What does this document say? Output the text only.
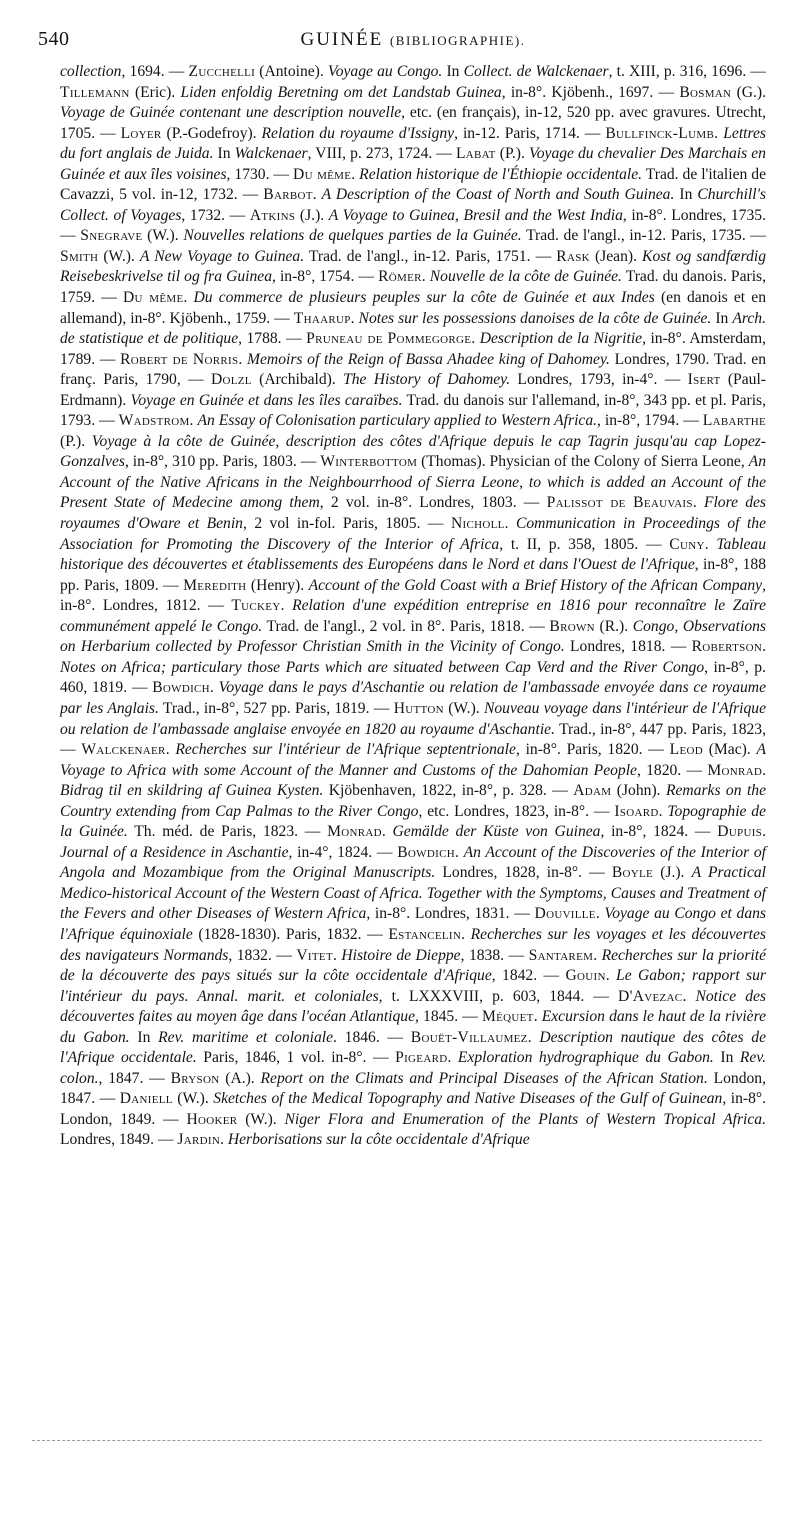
540	GUINÉE (BIBLIOGRAPHIE).

collection, 1694. — Zucchelli (Antoine). Voyage au Congo. In Collect. de Walckenaer, t. XIII, p. 316, 1696. — Tillemann (Eric). Liden enfoldig Beretning om det Landstab Guinea, in-8°. Kjöbenh., 1697. — Bosman (G.). Voyage de Guinée contenant une description nouvelle, etc. (en français), in-12, 520 pp. avec gravures. Utrecht, 1705. — Loyer (P.-Godefroy). Relation du royaume d'Issigny, in-12. Paris, 1714. — Bullfinck-Lumb. Lettres du fort anglais de Juida. In Walckenaer, VIII, p. 273, 1724. — Labat (P.). Voyage du chevalier Des Marchais en Guinée et aux îles voisines, 1730. — Du même. Relation historique de l'Éthiopie occidentale. Trad. de l'italien de Cavazzi, 5 vol. in-12, 1732. — Barbot. A Description of the Coast of North and South Guinea. In Churchill's Collect. of Voyages, 1732. — Atkins (J.). A Voyage to Guinea, Bresil and the West India, in-8°. Londres, 1735. — Snegrave (W.). Nouvelles relations de quelques parties de la Guinée. Trad. de l'angl., in-12. Paris, 1735. — Smith (W.). A New Voyage to Guinea. Trad. de l'angl., in-12. Paris, 1751. — Rask (Jean). Kost og sandfærdig Reisebeskrivelse til og fra Guinea, in-8°, 1754. — Römer. Nouvelle de la côte de Guinée. Trad. du danois. Paris, 1759. — Du même. Du commerce de plusieurs peuples sur la côte de Guinée et aux Indes (en danois et en allemand), in-8°. Kjöbenh., 1759. — Thaarup. Notes sur les possessions danoises de la côte de Guinée. In Arch. de statistique et de politique, 1788. — Pruneau de Pommegorge. Description de la Nigritie, in-8°. Amsterdam, 1789. — Robert de Norris. Memoirs of the Reign of Bassa Ahadee king of Dahomey. Londres, 1790. Trad. en franç. Paris, 1790, — Dolzl (Archibald). The History of Dahomey. Londres, 1793, in-4°. — Isert (Paul-Erdmann). Voyage en Guinée et dans les îles caraïbes. Trad. du danois sur l'allemand, in-8°, 343 pp. et pl. Paris, 1793. — Wadstrom. An Essay of Colonisation particulary applied to Western Africa., in-8°, 1794. — Labarthe (P.). Voyage à la côte de Guinée, description des côtes d'Afrique depuis le cap Tagrin jusqu'au cap Lopez-Gonzalves, in-8°, 310 pp. Paris, 1803. — Winterbottom (Thomas). Physician of the Colony of Sierra Leone, An Account of the Native Africans in the Neighbourrhood of Sierra Leone, to which is added an Account of the Present State of Medecine among them, 2 vol. in-8°. Londres, 1803. — Palissot de Beauvais. Flore des royaumes d'Oware et Benin, 2 vol in-fol. Paris, 1805. — Nicholl. Communication in Proceedings of the Association for Promoting the Discovery of the Interior of Africa, t. II, p. 358, 1805. — Cuny. Tableau historique des découvertes et établissements des Européens dans le Nord et dans l'Ouest de l'Afrique, in-8°, 188 pp. Paris, 1809. — Meredith (Henry). Account of the Gold Coast with a Brief History of the African Company, in-8°. Londres, 1812. — Tuckey. Relation d'une expédition entreprise en 1816 pour reconnaître le Zaïre communément appelé le Congo. Trad. de l'angl., 2 vol. in 8°. Paris, 1818. — Brown (R.). Congo, Observations on Herbarium collected by Professor Christian Smith in the Vicinity of Congo. Londres, 1818. — Robertson. Notes on Africa; particulary those Parts which are situated between Cap Verd and the River Congo, in-8°, p. 460, 1819. — Bowdich. Voyage dans le pays d'Aschantie ou relation de l'ambassade envoyée dans ce royaume par les Anglais. Trad., in-8°, 527 pp. Paris, 1819. — Hutton (W.). Nouveau voyage dans l'intérieur de l'Afrique ou relation de l'ambassade anglaise envoyée en 1820 au royaume d'Aschantie. Trad., in-8°, 447 pp. Paris, 1823, — Walckenaer. Recherches sur l'intérieur de l'Afrique septentrionale, in-8°. Paris, 1820. — Leod (Mac). A Voyage to Africa with some Account of the Manner and Customs of the Dahomian People, 1820. — Monrad. Bidrag til en skildring af Guinea Kysten. Kjöbenhaven, 1822, in-8°, p. 328. — Adam (John). Remarks on the Country extending from Cap Palmas to the River Congo, etc. Londres, 1823, in-8°. — Isoard. Topographie de la Guinée. Th. méd. de Paris, 1823. — Monrad. Gemälde der Küste von Guinea, in-8°, 1824. — Dupuis. Journal of a Residence in Aschantie, in-4°, 1824. — Bowdich. An Account of the Discoveries of the Interior of Angola and Mozambique from the Original Manuscripts. Londres, 1828, in-8°. — Boyle (J.). A Practical Medico-historical Account of the Western Coast of Africa. Together with the Symptoms, Causes and Treatment of the Fevers and other Diseases of Western Africa, in-8°. Londres, 1831. — Douville. Voyage au Congo et dans l'Afrique équinoxiale (1828-1830). Paris, 1832. — Estancelin. Recherches sur les voyages et les découvertes des navigateurs Normands, 1832. — Vitet. Histoire de Dieppe, 1838. — Santarem. Recherches sur la priorité de la découverte des pays situés sur la côte occidentale d'Afrique, 1842. — Gouin. Le Gabon; rapport sur l'intérieur du pays. Annal. marit. et coloniales, t. LXXXVIII, p. 603, 1844. — D'Avezac. Notice des découvertes faites au moyen âge dans l'océan Atlantique, 1845. — Méquet. Excursion dans le haut de la rivière du Gabon. In Rev. maritime et coloniale. 1846. — Bouët-Villaumez. Description nautique des côtes de l'Afrique occidentale. Paris, 1846, 1 vol. in-8°. — Pigeard. Exploration hydrographique du Gabon. In Rev. colon., 1847. — Bryson (A.). Report on the Climats and Principal Diseases of the African Station. London, 1847. — Daniell (W.). Sketches of the Medical Topography and Native Diseases of the Gulf of Guinean, in-8°. London, 1849. — Hooker (W.). Niger Flora and Enumeration of the Plants of Western Tropical Africa. Londres, 1849. — Jardin. Herborisations sur la côte occidentale d'Afrique
